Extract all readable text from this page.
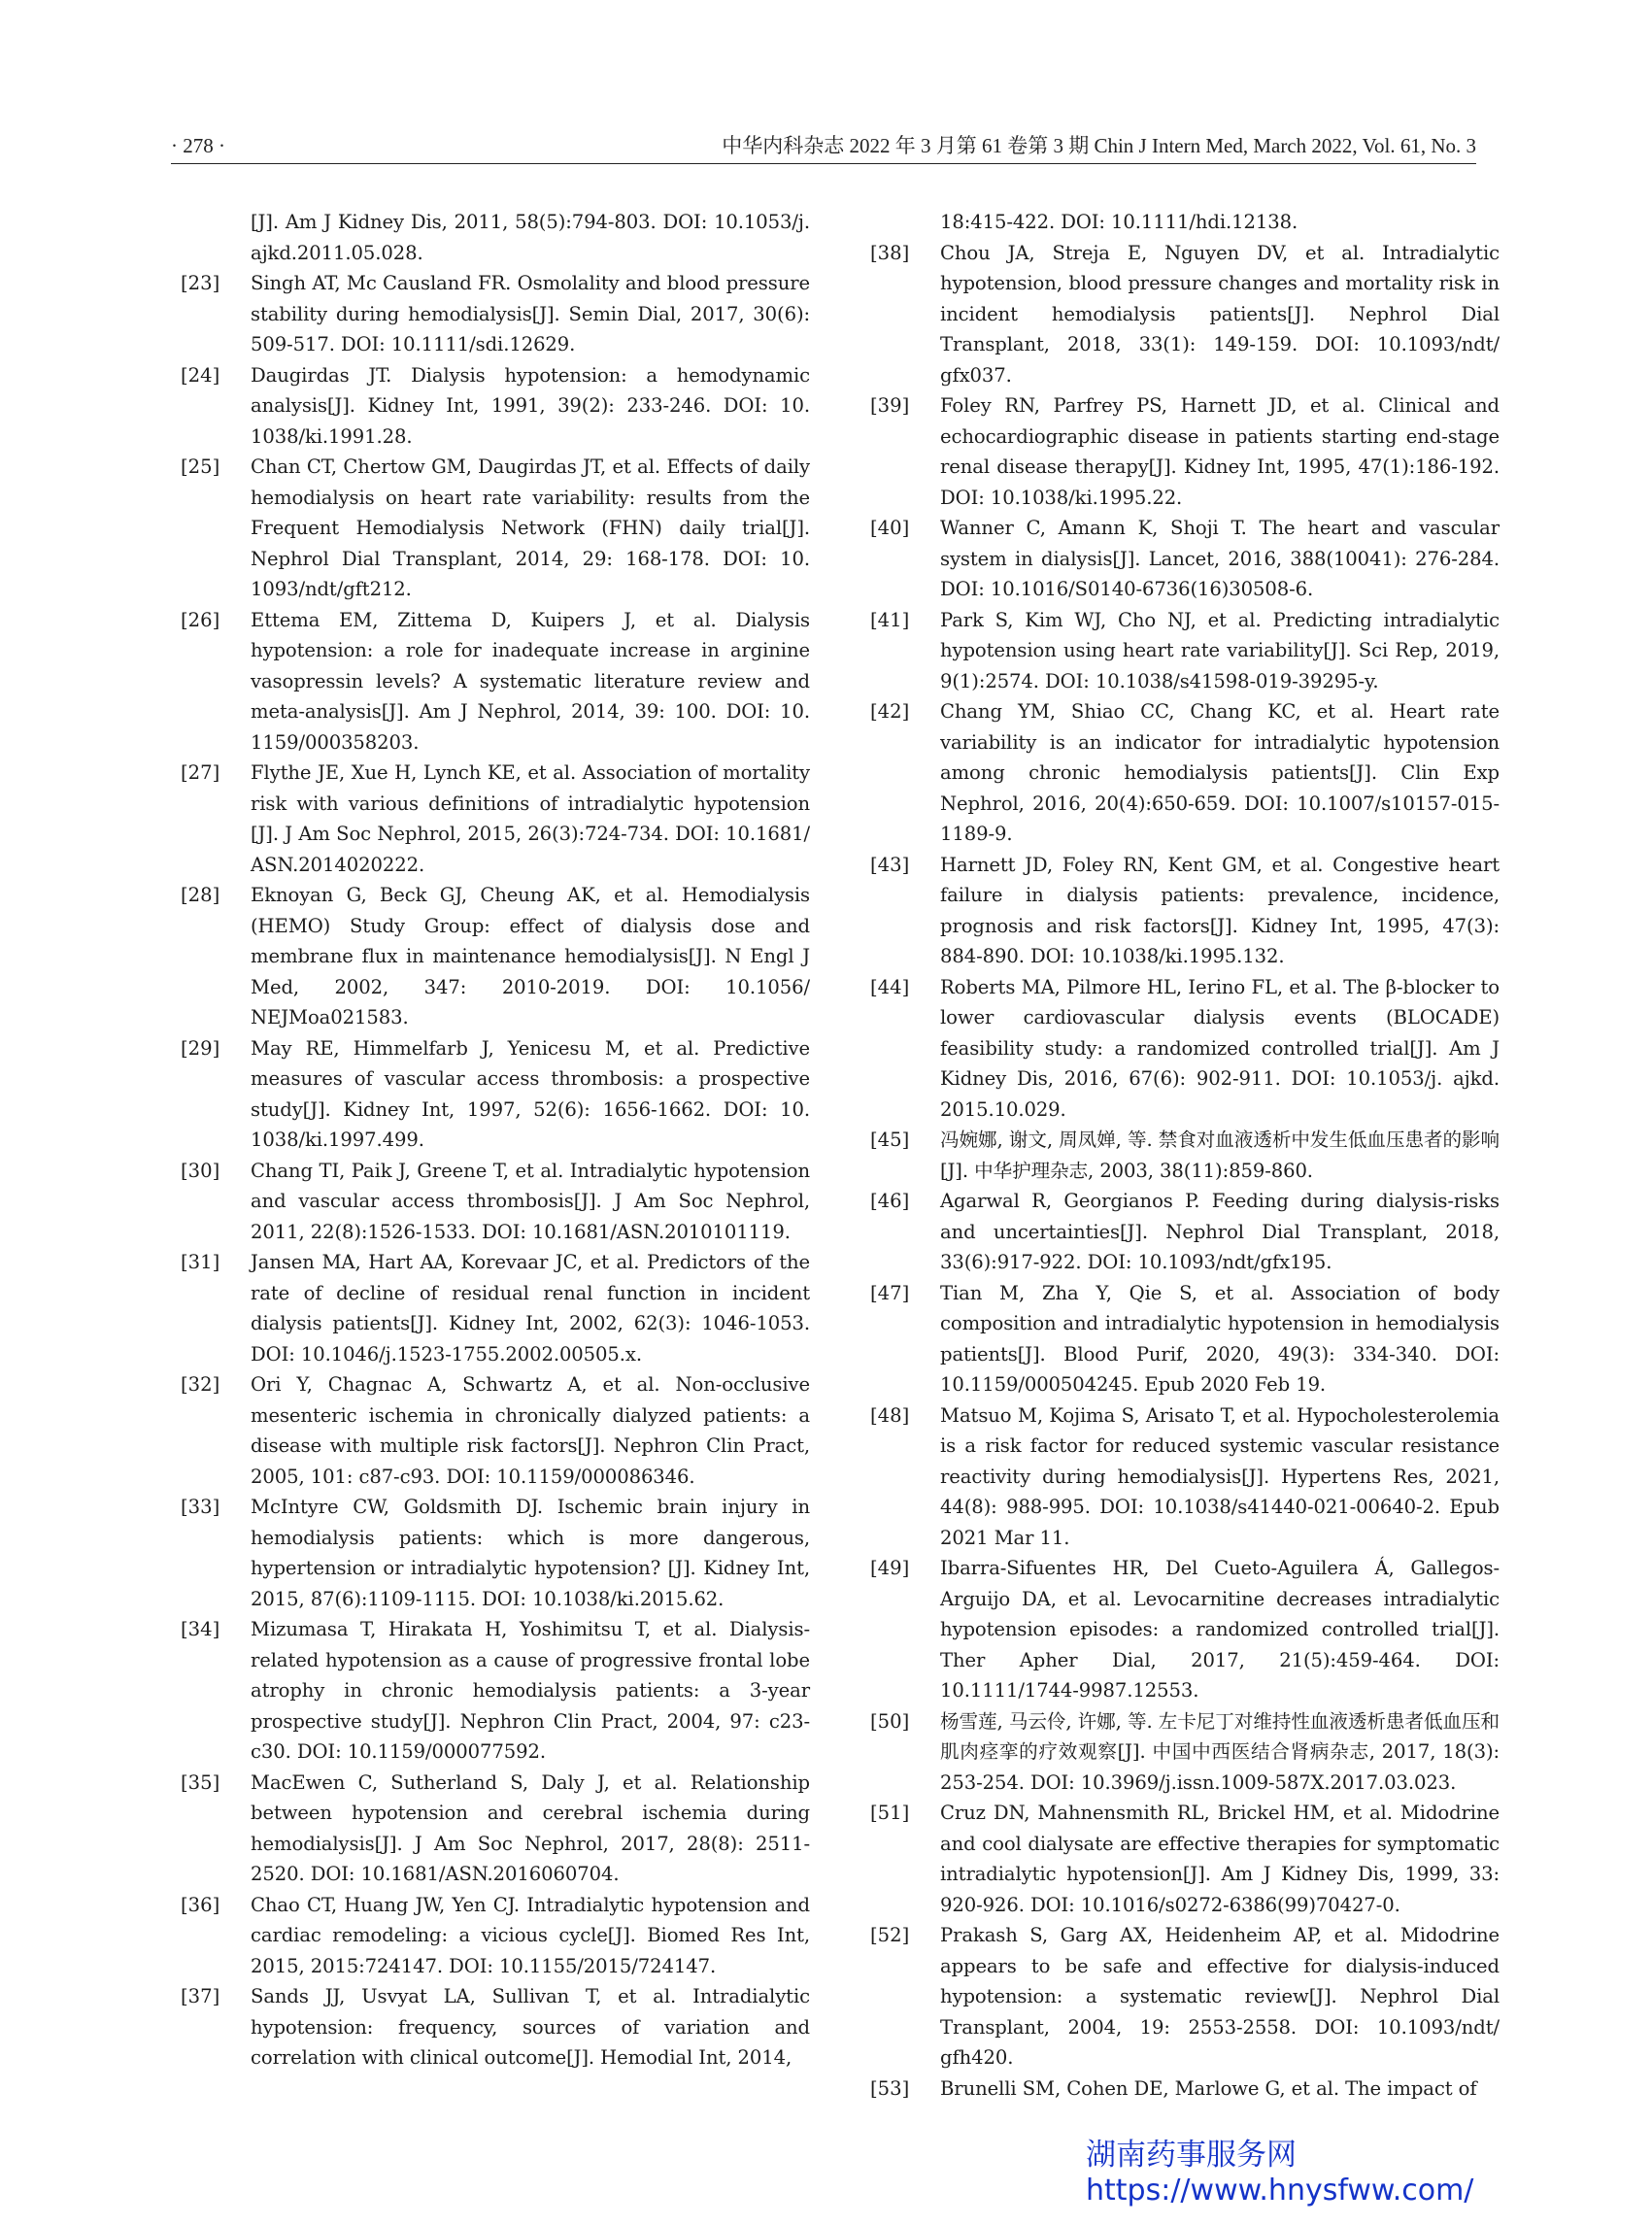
· 278 ·	中华内科杂志 2022 年 3 月第 61 卷第 3 期 Chin J Intern Med, March 2022, Vol. 61, No. 3
[J]. Am J Kidney Dis, 2011, 58(5):794-803. DOI: 10.1053/j. ajkd.2011.05.028.
[23] Singh AT, Mc Causland FR. Osmolality and blood pressure stability during hemodialysis[J]. Semin Dial, 2017, 30(6): 509-517. DOI: 10.1111/sdi.12629.
[24] Daugirdas JT. Dialysis hypotension: a hemodynamic analysis[J]. Kidney Int, 1991, 39(2): 233-246. DOI: 10. 1038/ki.1991.28.
[25] Chan CT, Chertow GM, Daugirdas JT, et al. Effects of daily hemodialysis on heart rate variability: results from the Frequent Hemodialysis Network (FHN) daily trial[J]. Nephrol Dial Transplant, 2014, 29: 168-178. DOI: 10. 1093/ndt/gft212.
[26] Ettema EM, Zittema D, Kuipers J, et al. Dialysis hypotension: a role for inadequate increase in arginine vasopressin levels? A systematic literature review and meta-analysis[J]. Am J Nephrol, 2014, 39: 100. DOI: 10. 1159/000358203.
[27] Flythe JE, Xue H, Lynch KE, et al. Association of mortality risk with various definitions of intradialytic hypotension [J]. J Am Soc Nephrol, 2015, 26(3):724-734. DOI: 10.1681/ ASN.2014020222.
[28] Eknoyan G, Beck GJ, Cheung AK, et al. Hemodialysis (HEMO) Study Group: effect of dialysis dose and membrane flux in maintenance hemodialysis[J]. N Engl J Med, 2002, 347: 2010-2019. DOI: 10.1056/ NEJMoa021583.
[29] May RE, Himmelfarb J, Yenicesu M, et al. Predictive measures of vascular access thrombosis: a prospective study[J]. Kidney Int, 1997, 52(6): 1656-1662. DOI: 10. 1038/ki.1997.499.
[30] Chang TI, Paik J, Greene T, et al. Intradialytic hypotension and vascular access thrombosis[J]. J Am Soc Nephrol, 2011, 22(8):1526-1533. DOI: 10.1681/ASN.2010101119.
[31] Jansen MA, Hart AA, Korevaar JC, et al. Predictors of the rate of decline of residual renal function in incident dialysis patients[J]. Kidney Int, 2002, 62(3): 1046-1053. DOI: 10.1046/j.1523-1755.2002.00505.x.
[32] Ori Y, Chagnac A, Schwartz A, et al. Non-occlusive mesenteric ischemia in chronically dialyzed patients: a disease with multiple risk factors[J]. Nephron Clin Pract, 2005, 101: c87-c93. DOI: 10.1159/000086346.
[33] McIntyre CW, Goldsmith DJ. Ischemic brain injury in hemodialysis patients: which is more dangerous, hypertension or intradialytic hypotension? [J]. Kidney Int, 2015, 87(6):1109-1115. DOI: 10.1038/ki.2015.62.
[34] Mizumasa T, Hirakata H, Yoshimitsu T, et al. Dialysis-related hypotension as a cause of progressive frontal lobe atrophy in chronic hemodialysis patients: a 3-year prospective study[J]. Nephron Clin Pract, 2004, 97: c23-c30. DOI: 10.1159/000077592.
[35] MacEwen C, Sutherland S, Daly J, et al. Relationship between hypotension and cerebral ischemia during hemodialysis[J]. J Am Soc Nephrol, 2017, 28(8): 2511-2520. DOI: 10.1681/ASN.2016060704.
[36] Chao CT, Huang JW, Yen CJ. Intradialytic hypotension and cardiac remodeling: a vicious cycle[J]. Biomed Res Int, 2015, 2015:724147. DOI: 10.1155/2015/724147.
[37] Sands JJ, Usvyat LA, Sullivan T, et al. Intradialytic hypotension: frequency, sources of variation and correlation with clinical outcome[J]. Hemodial Int, 2014,
18:415-422. DOI: 10.1111/hdi.12138.
[38] Chou JA, Streja E, Nguyen DV, et al. Intradialytic hypotension, blood pressure changes and mortality risk in incident hemodialysis patients[J]. Nephrol Dial Transplant, 2018, 33(1): 149-159. DOI: 10.1093/ndt/ gfx037.
[39] Foley RN, Parfrey PS, Harnett JD, et al. Clinical and echocardiographic disease in patients starting end-stage renal disease therapy[J]. Kidney Int, 1995, 47(1):186-192. DOI: 10.1038/ki.1995.22.
[40] Wanner C, Amann K, Shoji T. The heart and vascular system in dialysis[J]. Lancet, 2016, 388(10041): 276-284. DOI: 10.1016/S0140-6736(16)30508-6.
[41] Park S, Kim WJ, Cho NJ, et al. Predicting intradialytic hypotension using heart rate variability[J]. Sci Rep, 2019, 9(1):2574. DOI: 10.1038/s41598-019-39295-y.
[42] Chang YM, Shiao CC, Chang KC, et al. Heart rate variability is an indicator for intradialytic hypotension among chronic hemodialysis patients[J]. Clin Exp Nephrol, 2016, 20(4):650-659. DOI: 10.1007/s10157-015-1189-9.
[43] Harnett JD, Foley RN, Kent GM, et al. Congestive heart failure in dialysis patients: prevalence, incidence, prognosis and risk factors[J]. Kidney Int, 1995, 47(3): 884-890. DOI: 10.1038/ki.1995.132.
[44] Roberts MA, Pilmore HL, Ierino FL, et al. The β-blocker to lower cardiovascular dialysis events (BLOCADE) feasibility study: a randomized controlled trial[J]. Am J Kidney Dis, 2016, 67(6): 902-911. DOI: 10.1053/j. ajkd. 2015.10.029.
[45] 冯婉娜, 谢文, 周凤婵, 等. 禁食对血液透析中发生低血压患者的影响[J]. 中华护理杂志, 2003, 38(11):859-860.
[46] Agarwal R, Georgianos P. Feeding during dialysis-risks and uncertainties[J]. Nephrol Dial Transplant, 2018, 33(6):917-922. DOI: 10.1093/ndt/gfx195.
[47] Tian M, Zha Y, Qie S, et al. Association of body composition and intradialytic hypotension in hemodialysis patients[J]. Blood Purif, 2020, 49(3): 334-340. DOI: 10.1159/000504245. Epub 2020 Feb 19.
[48] Matsuo M, Kojima S, Arisato T, et al. Hypocholesterolemia is a risk factor for reduced systemic vascular resistance reactivity during hemodialysis[J]. Hypertens Res, 2021, 44(8): 988-995. DOI: 10.1038/s41440-021-00640-2. Epub 2021 Mar 11.
[49] Ibarra-Sifuentes HR, Del Cueto-Aguilera Á, Gallegos-Arguijo DA, et al. Levocarnitine decreases intradialytic hypotension episodes: a randomized controlled trial[J]. Ther Apher Dial, 2017, 21(5):459-464. DOI: 10.1111/1744-9987.12553.
[50] 杨雪莲, 马云伶, 许娜, 等. 左卡尼丁对维持性血液透析患者低血压和肌肉痉挛的疗效观察[J]. 中国中西医结合肾病杂志, 2017, 18(3): 253-254. DOI: 10.3969/j.issn.1009-587X.2017.03.023.
[51] Cruz DN, Mahnensmith RL, Brickel HM, et al. Midodrine and cool dialysate are effective therapies for symptomatic intradialytic hypotension[J]. Am J Kidney Dis, 1999, 33: 920-926. DOI: 10.1016/s0272-6386(99)70427-0.
[52] Prakash S, Garg AX, Heidenheim AP, et al. Midodrine appears to be safe and effective for dialysis-induced hypotension: a systematic review[J]. Nephrol Dial Transplant, 2004, 19: 2553-2558. DOI: 10.1093/ndt/ gfh420.
[53] Brunelli SM, Cohen DE, Marlowe G, et al. The impact of
湖南药事服务网
https://www.hnysfww.com/
